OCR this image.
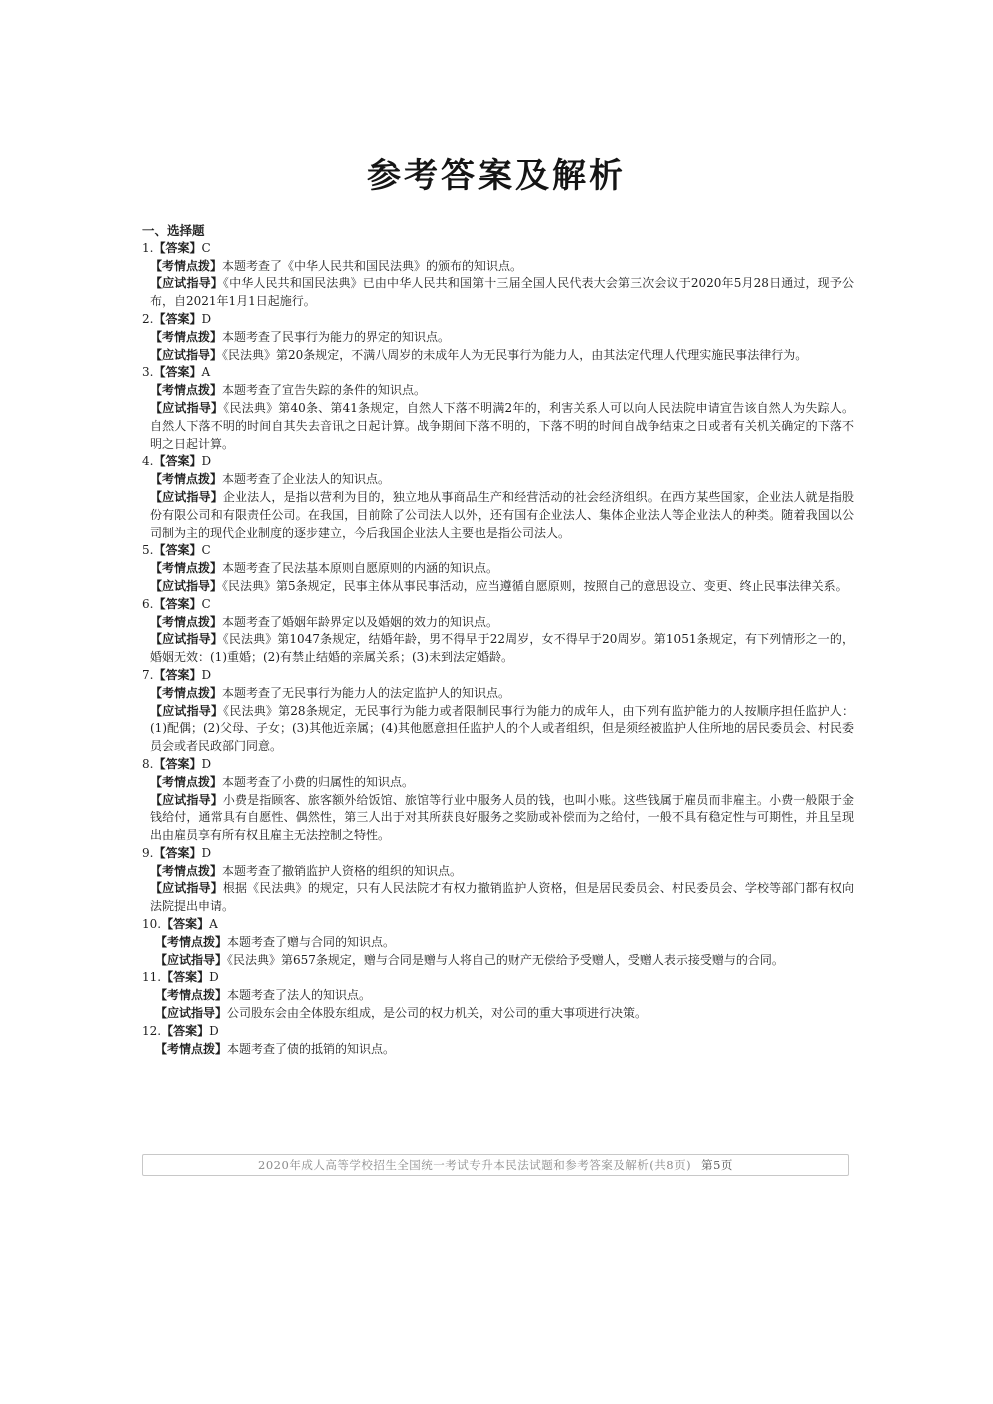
参考答案及解析
一、选择题
1.【答案】C
【考情点拨】本题考查了《中华人民共和国民法典》的颁布的知识点。
【应试指导】《中华人民共和国民法典》已由中华人民共和国第十三届全国人民代表大会第三次会议于2020年5月28日通过，现予公布，自2021年1月1日起施行。
2.【答案】D
【考情点拨】本题考查了民事行为能力的界定的知识点。
【应试指导】《民法典》第20条规定，不满八周岁的未成年人为无民事行为能力人，由其法定代理人代理实施民事法律行为。
3.【答案】A
【考情点拨】本题考查了宣告失踪的条件的知识点。
【应试指导】《民法典》第40条、第41条规定，自然人下落不明满2年的，利害关系人可以向人民法院申请宣告该自然人为失踪人。自然人下落不明的时间自其失去音讯之日起计算。战争期间下落不明的，下落不明的时间自战争结束之日或者有关机关确定的下落不明之日起计算。
4.【答案】D
【考情点拨】本题考查了企业法人的知识点。
【应试指导】企业法人，是指以营利为目的，独立地从事商品生产和经营活动的社会经济组织。在西方某些国家，企业法人就是指股份有限公司和有限责任公司。在我国，目前除了公司法人以外，还有国有企业法人、集体企业法人等企业法人的种类。随着我国以公司制为主的现代企业制度的逐步建立，今后我国企业法人主要也是指公司法人。
5.【答案】C
【考情点拨】本题考查了民法基本原则自愿原则的内涵的知识点。
【应试指导】《民法典》第5条规定，民事主体从事民事活动，应当遵循自愿原则，按照自己的意思设立、变更、终止民事法律关系。
6.【答案】C
【考情点拨】本题考查了婚姻年龄界定以及婚姻的效力的知识点。
【应试指导】《民法典》第1047条规定，结婚年龄，男不得早于22周岁，女不得早于20周岁。第1051条规定，有下列情形之一的，婚姻无效：(1)重婚；(2)有禁止结婚的亲属关系；(3)未到法定婚龄。
7.【答案】D
【考情点拨】本题考查了无民事行为能力人的法定监护人的知识点。
【应试指导】《民法典》第28条规定，无民事行为能力或者限制民事行为能力的成年人，由下列有监护能力的人按顺序担任监护人：(1)配偶；(2)父母、子女；(3)其他近亲属；(4)其他愿意担任监护人的个人或者组织，但是须经被监护人住所地的居民委员会、村民委员会或者民政部门同意。
8.【答案】D
【考情点拨】本题考查了小费的归属性的知识点。
【应试指导】小费是指顾客、旅客额外给饭馆、旅馆等行业中服务人员的钱，也叫小账。这些钱属于雇员而非雇主。小费一般限于金钱给付，通常具有自愿性、偶然性，第三人出于对其所获良好服务之奖励或补偿而为之给付，一般不具有稳定性与可期性，并且呈现出由雇员享有所有权且雇主无法控制之特性。
9.【答案】D
【考情点拨】本题考查了撤销监护人资格的组织的知识点。
【应试指导】根据《民法典》的规定，只有人民法院才有权力撤销监护人资格，但是居民委员会、村民委员会、学校等部门都有权向法院提出申请。
10.【答案】A
【考情点拨】本题考查了赠与合同的知识点。
【应试指导】《民法典》第657条规定，赠与合同是赠与人将自己的财产无偿给予受赠人，受赠人表示接受赠与的合同。
11.【答案】D
【考情点拨】本题考查了法人的知识点。
【应试指导】公司股东会由全体股东组成，是公司的权力机关，对公司的重大事项进行决策。
12.【答案】D
【考情点拨】本题考查了债的抵销的知识点。
2020年成人高等学校招生全国统一考试专升本民法试题和参考答案及解析(共8页) 第5页
